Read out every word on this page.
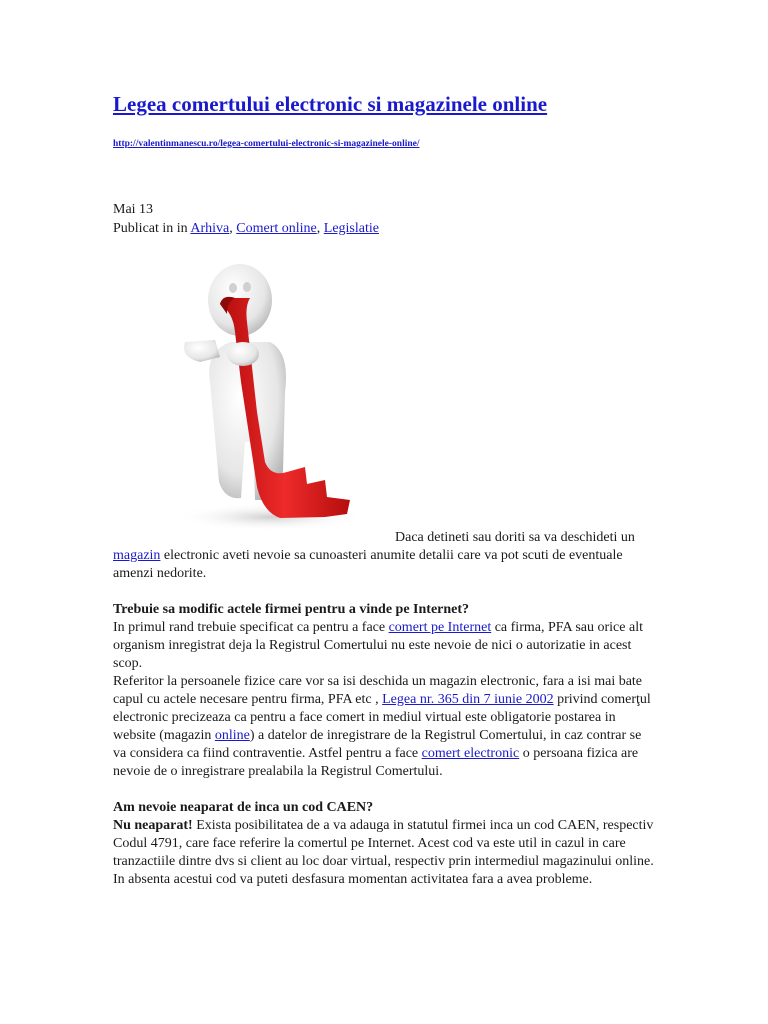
Legea comertului electronic si magazinele online
http://valentinmanescu.ro/legea-comertului-electronic-si-magazinele-online/
Mai 13
Publicat in in Arhiva, Comert online, Legislatie

Daca detineti sau doriti sa va deschideti un

magazin electronic aveti nevoie sa cunoasteri anumite detalii care va pot scuti de eventuale amenzi nedorite.

Trebuie sa modific actele firmei pentru a vinde pe Internet?

In primul rand trebuie specificat ca pentru a face comert pe Internet ca firma, PFA sau orice alt organism inregistrat deja la Registrul Comertului nu este nevoie de nici o autorizatie in acest scop.

Referitor la persoanele fizice care vor sa isi deschida un magazin electronic, fara a isi mai bate capul cu actele necesare pentru firma, PFA etc , Legea nr. 365 din 7 iunie 2002 privind comerţul electronic precizeaza ca pentru a face comert in mediul virtual este obligatorie postarea in website (magazin online) a datelor de inregistrare de la Registrul Comertului, in caz contrar se va considera ca fiind contraventie. Astfel pentru a face comert electronic o persoana fizica are nevoie de o inregistrare prealabila la Registrul Comertului.

Am nevoie neaparat de inca un cod CAEN?

Nu neaparat! Exista posibilitatea de a va adauga in statutul firmei inca un cod CAEN, respectiv Codul 4791, care face referire la comertul pe Internet. Acest cod va este util in cazul in care tranzactiile dintre dvs si client au loc doar virtual, respectiv prin intermediul magazinului online.

In absenta acestui cod va puteti desfasura momentan activitatea fara a avea probleme.
